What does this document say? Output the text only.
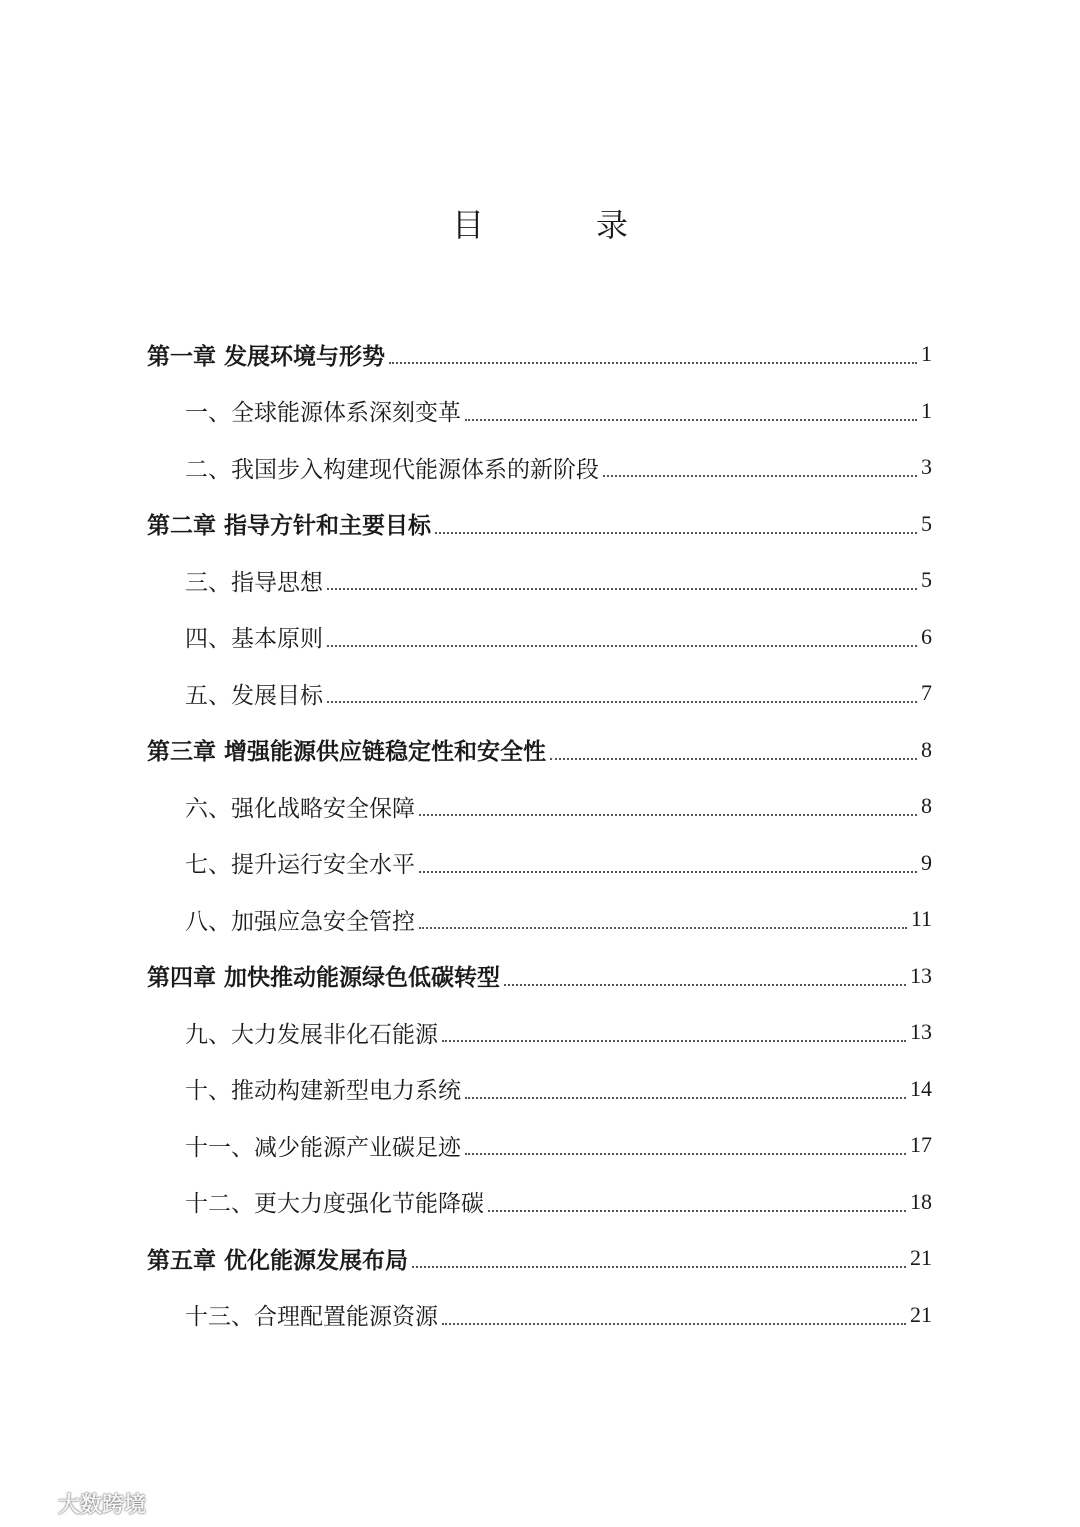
目　录
第一章 发展环境与形势	1
一、全球能源体系深刻变革	1
二、我国步入构建现代能源体系的新阶段	3
第二章 指导方针和主要目标	5
三、指导思想	5
四、基本原则	6
五、发展目标	7
第三章 增强能源供应链稳定性和安全性	8
六、强化战略安全保障	8
七、提升运行安全水平	9
八、加强应急安全管控	11
第四章 加快推动能源绿色低碳转型	13
九、大力发展非化石能源	13
十、推动构建新型电力系统	14
十一、减少能源产业碳足迹	17
十二、更大力度强化节能降碳	18
第五章 优化能源发展布局	21
十三、合理配置能源资源	21
大数跨境
